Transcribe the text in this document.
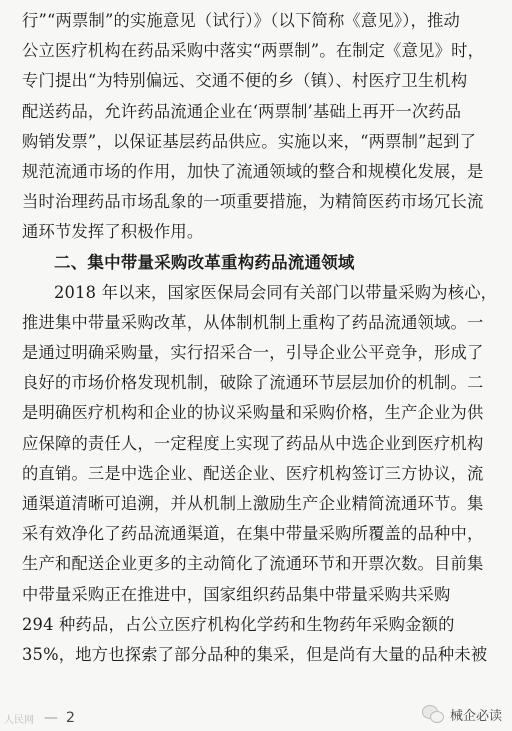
行”“两票制”的实施意见（试行）》（以下简称《意见》），推动
公立医疗机构在药品采购中落实“两票制”。在制定《意见》时，
专门提出“为特别偏远、交通不便的乡（镇）、村医疗卫生机构
配送药品，允许药品流通企业在‘两票制’基础上再开一次药品
购销发票”，以保证基层药品供应。实施以来，“两票制”起到了
规范流通市场的作用，加快了流通领域的整合和规模化发展，是
当时治理药品市场乱象的一项重要措施，为精简医药市场冗长流
通环节发挥了积极作用。
二、集中带量采购改革重构药品流通领域
2018 年以来，国家医保局会同有关部门以带量采购为核心，
推进集中带量采购改革，从体制机制上重构了药品流通领域。一
是通过明确采购量，实行招采合一，引导企业公平竞争，形成了
良好的市场价格发现机制，破除了流通环节层层加价的机制。二
是明确医疗机构和企业的协议采购量和采购价格，生产企业为供
应保障的责任人，一定程度上实现了药品从中选企业到医疗机构
的直销。三是中选企业、配送企业、医疗机构签订三方协议，流
通渠道清晰可追溯，并从机制上激励生产企业精简流通环节。集
采有效净化了药品流通渠道，在集中带量采购所覆盖的品种中，
生产和配送企业更多的主动简化了流通环节和开票次数。目前集
中带量采购正在推进中，国家组织药品集中带量采购共采购
294 种药品，占公立医疗机构化学药和生物药年采购金额的
35%，地方也探索了部分品种的集采，但是尚有大量的品种未被
人民网 — 2	械企必读
